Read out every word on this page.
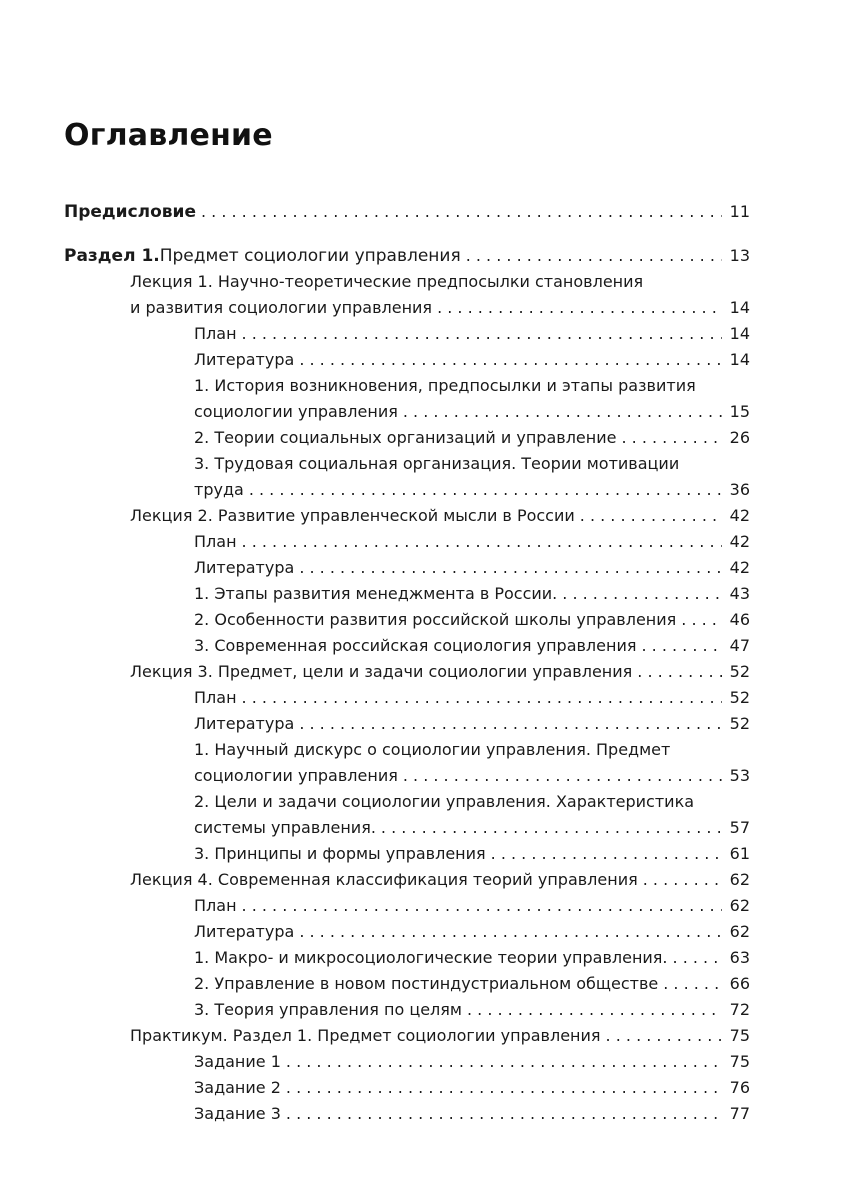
Оглавление
Предисловие . . .	11
Раздел 1. Предмет социологии управления . . .	13
Лекция 1. Научно-теоретические предпосылки становления
и развития социологии управления . . .	14
План . . .	14
Литература . . .	14
1. История возникновения, предпосылки и этапы развития
социологии управления . . .	15
2. Теории социальных организаций и управление . . .	26
3. Трудовая социальная организация. Теории мотивации
труда . . .	36
Лекция 2. Развитие управленческой мысли в России . . .	42
План . . .	42
Литература . . .	42
1. Этапы развития менеджмента в России. . . .	43
2. Особенности развития российской школы управления . . .	46
3. Современная российская социология управления . . .	47
Лекция 3. Предмет, цели и задачи социологии управления . . .	52
План . . .	52
Литература . . .	52
1. Научный дискурс о социологии управления. Предмет
социологии управления . . .	53
2. Цели и задачи социологии управления. Характеристика
системы управления. . . .	57
3. Принципы и формы управления . . .	61
Лекция 4. Современная классификация теорий управления . . .	62
План . . .	62
Литература . . .	62
1. Макро- и микросоциологические теории управления. . . .	63
2. Управление в новом постиндустриальном обществе . . .	66
3. Теория управления по целям . . .	72
Практикум. Раздел 1. Предмет социологии управления . . .	75
Задание 1 . . .	75
Задание 2 . . .	76
Задание 3 . . .	77
